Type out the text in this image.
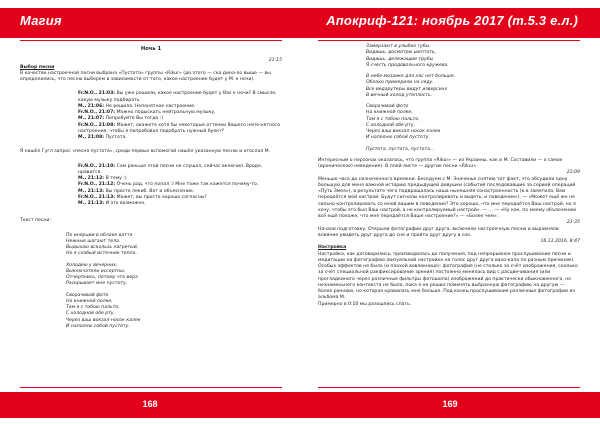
Магия

Ночь 1

21:15

Выбор песни

В качестве настроечной песни выбрана «Пустота» группы «Rikur» (до этого — ска дина-ло выше — вы определились, что песню выберем в зависимости от того, какое настроение будет у М. к ночи).

Fr.N.O., 21:03: Вы уже решили, какое настроение будет у Вас к ночи? В смысле, какую музыку подбирать

М., 21:06: Не решила. Непонятное настроение.

Fr.N.O., 21:07: Можно подыскать нейтральную музыку,

М., 21:07: Попробуйте Вы тогда :)

Fr.N.O., 21:08: Может, окажете хотя бы некоторые оттенки Вашего непо-нятного настроения, чтобы я попробовал подобрать нужный буект?

М., 21:08: Пустота.

Я нашёл Гугл запрос «песня пустота», среди первых вспомогай нашёл указанную песню и отослал М.

Fr.N.O., 21:10: Сам раньше этой песни не слушал, сейчас включил. Вроде, нравится.

М., 21:12: В тему :)

Fr.N.O., 21:12: Очень рад, что попал :) Мне тоже так кажется почему-то.

М., 21:13: Вы просто лекиб. Вот и объяснение.

Fr.N.O., 21:13: Может, вы просто хорошо согласны?

М., 21:13: И это возможно.

Текст песни:

По инерции в облаке ватта

Нежные шагают тела.

Выдыхаю вскользь нагретый,

Но я слабый источник тепла.

Холодею у вечерних,

Выключатели иссертны.

Отчерпнись, потому что вера

Раскрывает мне пустоту.

Сворачивай фото

На книжной полке,

Там я с тобою пальто,

С холодной обе рту,

Через ваш вокзал-носок калек

И наполню собой пустоту.

168
Апокриф-121: ноябрь 2017 (т.5.3 е.л.)

Замерзают в улыбке губы.

Видишь, досмотрю шептать,

Видишь, дележащие трубы

Я счесть продовольного кружева.

В небе мозаике для нас нет больше,

Облако примерили на седу.

Все ведарутеры видут изверсихх

В вечный холод утеплость.

Сворачивай фото

На книжной полке,

Там я с тобою пальто,

С холодной обе рту,

Через ваш вокзал-носок калек

И наполню собой пустоту.

Пустота, пустота, пустота...

Интересным о персонах оказалось, что группа «Rikur» — из Украины, как и М. Составили — о самое (ироническое) неведение). В плей-листе — другие песни «Rikur».

23:09

Меньше часа до назначенного времени. Беседуем с М. Значенье снятию тот факт, что обсудили одну большую для меня важной историю предыдущей девушки (события последовавшие за серией операций «Путь Змея»), в результате чего подвращалась наша нынешняя сонастроенность (к.в заметила, Вам передаётся мой настрой. Будут сигналы контролировать и видеть, и поведение»). — «Может ещё же не сильно контролировать со мной вашим в поведение? Это хорошо, что мне передаётся Ваш настрой, но я хочу, чтобы это был Ваш настрой, а не контролируемый настрой». — ... — «Ну как, по моему объяснению всё ещё похоже, что мне передаётся Ваше настроение?» — «Более чем».

23:35

Начали подготовку. Открыли фотографии друг друга, включили настроечную песню и выровняли влияние увидеть друг друга до сне и пройти друг другу в сон.

16.11.2016, 8:47

Настройка

Настройка, как договорились, производилась до получения, под непрерывное прослушивание песни и медитации на фотографию (визуальной настройка на голос друг друга вахо-кала по разным причинам). Особых эффектов не было (и плохой вовлекнице): фотография (не столько за счёт изображения, сколько за счёт специальной ракфиксирование зрения) постоянно менялась вид с расцвечивания (или прогладкиного через различные фильтры фотошопа) изображений до практически обыкновенного, но незнаменьного контекста не было, пока я не решил поменять выбранную фотографию на другую — более раннюю, но которая нравилась мне больше. Под конец прослушивания различные фотографии из альбома М.

Примерно в 0:10 мы разошлись спать.

169
